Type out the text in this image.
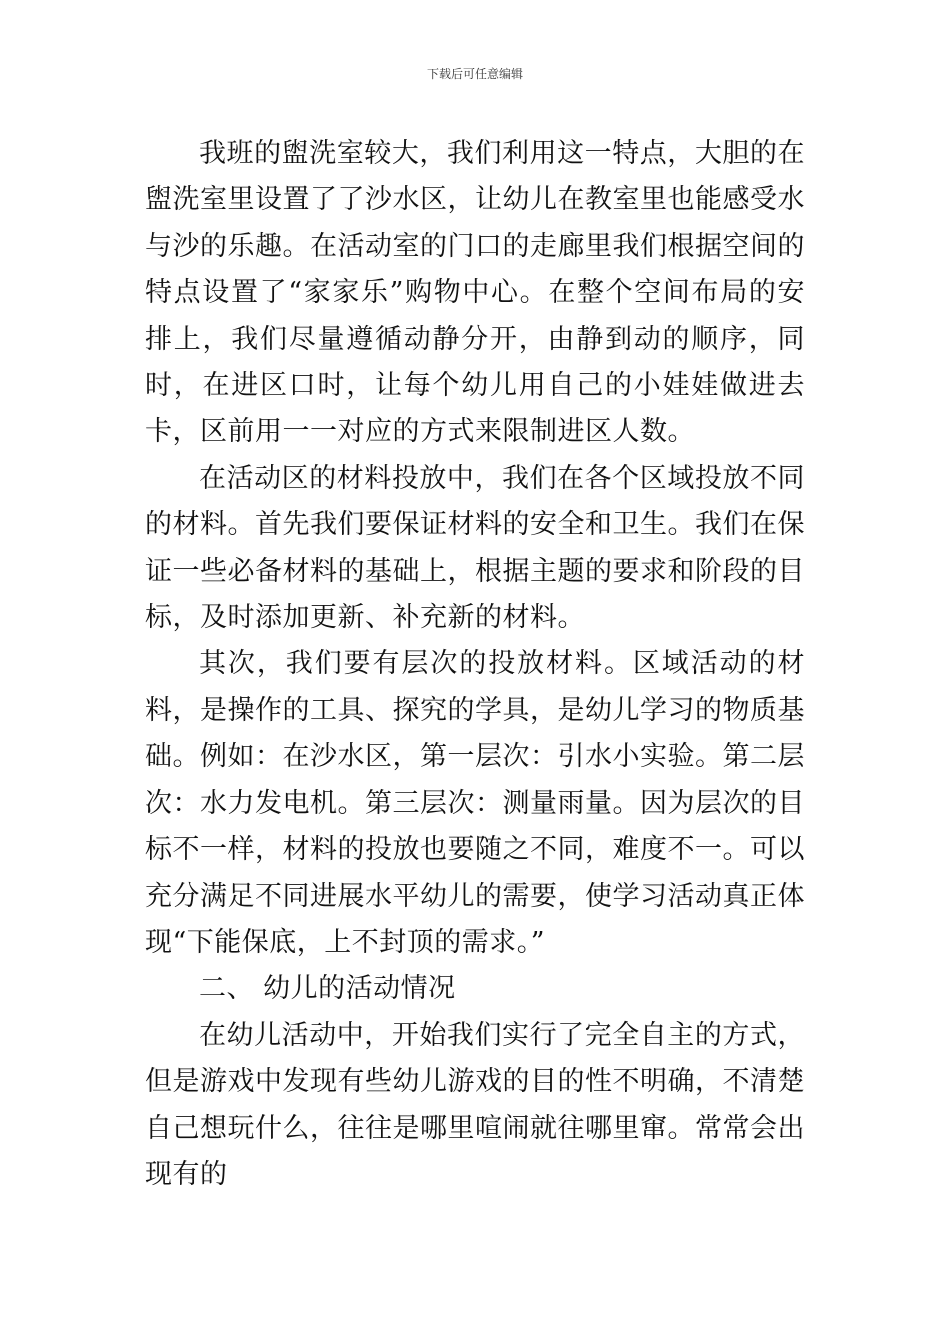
下载后可任意编辑

我班的盥洗室较大，我们利用这一特点，大胆的在盥洗室里设置了了沙水区，让幼儿在教室里也能感受水与沙的乐趣。在活动室的门口的走廊里我们根据空间的特点设置了“家家乐”购物中心。在整个空间布局的安排上，我们尽量遵循动静分开，由静到动的顺序，同时，在进区口时，让每个幼儿用自己的小娃娃做进去卡，区前用一一对应的方式来限制进区人数。

在活动区的材料投放中，我们在各个区域投放不同的材料。首先我们要保证材料的安全和卫生。我们在保证一些必备材料的基础上，根据主题的要求和阶段的目标，及时添加更新、补充新的材料。

其次，我们要有层次的投放材料。区域活动的材料，是操作的工具、探究的学具，是幼儿学习的物质基础。例如：在沙水区，第一层次：引水小实验。第二层次：水力发电机。第三层次：测量雨量。因为层次的目标不一样，材料的投放也要随之不同，难度不一。可以充分满足不同进展水平幼儿的需要，使学习活动真正体现“下能保底，上不封顶的需求。”

二、 幼儿的活动情况

在幼儿活动中，开始我们实行了完全自主的方式，但是游戏中发现有些幼儿游戏的目的性不明确，不清楚自己想玩什么，往往是哪里喧闹就往哪里窜。常常会出现有的
